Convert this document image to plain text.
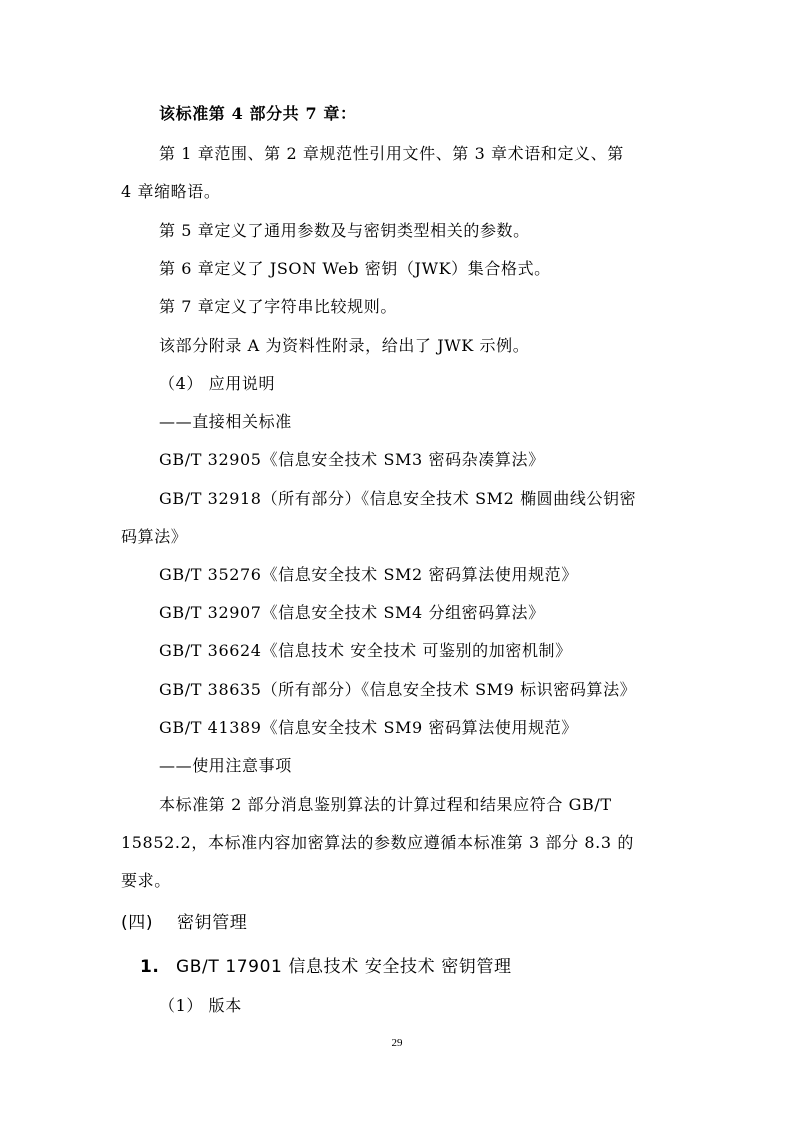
该标准第 4 部分共 7 章：
第 1 章范围、第 2 章规范性引用文件、第 3 章术语和定义、第
4 章缩略语。
第 5 章定义了通用参数及与密钥类型相关的参数。
第 6 章定义了 JSON Web 密钥（JWK）集合格式。
第 7 章定义了字符串比较规则。
该部分附录 A 为资料性附录，给出了 JWK 示例。
（4） 应用说明
——直接相关标准
GB/T 32905《信息安全技术 SM3 密码杂凑算法》
GB/T 32918（所有部分）《信息安全技术 SM2 椭圆曲线公钥密
码算法》
GB/T 35276《信息安全技术 SM2 密码算法使用规范》
GB/T 32907《信息安全技术 SM4 分组密码算法》
GB/T 36624《信息技术 安全技术 可鉴别的加密机制》
GB/T 38635（所有部分）《信息安全技术 SM9 标识密码算法》
GB/T 41389《信息安全技术 SM9 密码算法使用规范》
——使用注意事项
本标准第 2 部分消息鉴别算法的计算过程和结果应符合 GB/T
15852.2，本标准内容加密算法的参数应遵循本标准第 3 部分 8.3 的
要求。
(四) 密钥管理
1. GB/T 17901 信息技术 安全技术 密钥管理
（1） 版本
29
